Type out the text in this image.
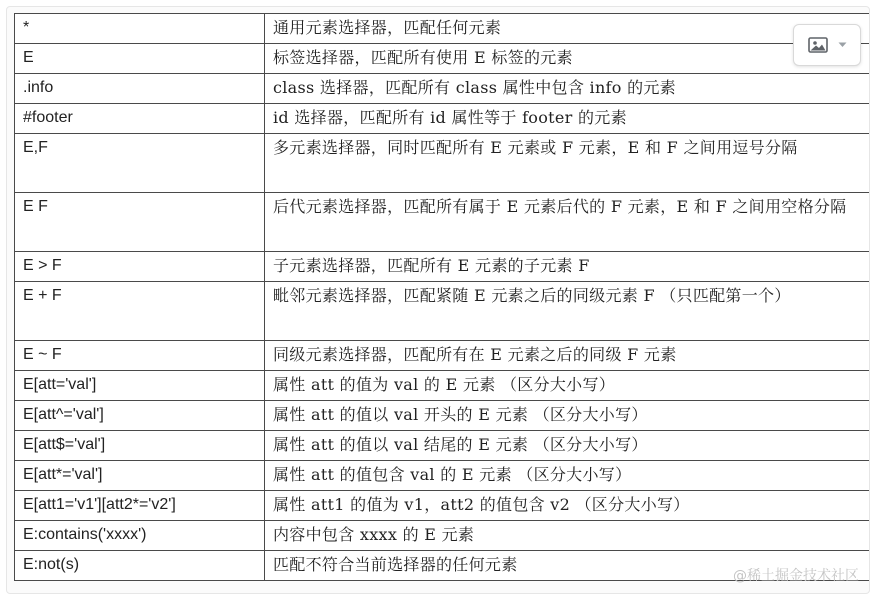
*	通用元素选择器，匹配任何元素
E	标签选择器，匹配所有使用 E 标签的元素
.info	class 选择器，匹配所有 class 属性中包含 info 的元素
#footer	id 选择器，匹配所有 id 属性等于 footer 的元素
E,F	多元素选择器，同时匹配所有 E 元素或 F 元素，E 和 F 之间用逗号分隔
E F	后代元素选择器，匹配所有属于 E 元素后代的 F 元素，E 和 F 之间用空格分隔
E > F	子元素选择器，匹配所有 E 元素的子元素 F
E + F	毗邻元素选择器，匹配紧随 E 元素之后的同级元素 F （只匹配第一个）
E ~ F	同级元素选择器，匹配所有在 E 元素之后的同级 F 元素
E[att='val']	属性 att 的值为 val 的 E 元素 （区分大小写）
E[att^='val']	属性 att 的值以 val 开头的 E 元素 （区分大小写）
E[att$='val']	属性 att 的值以 val 结尾的 E 元素 （区分大小写）
E[att*='val']	属性 att 的值包含 val 的 E 元素 （区分大小写）
E[att1='v1'][att2*='v2']	属性 att1 的值为 v1，att2 的值包含 v2 （区分大小写）
E:contains('xxxx')	内容中包含 xxxx 的 E 元素
E:not(s)	匹配不符合当前选择器的任何元素
@稀土掘金技术社区
